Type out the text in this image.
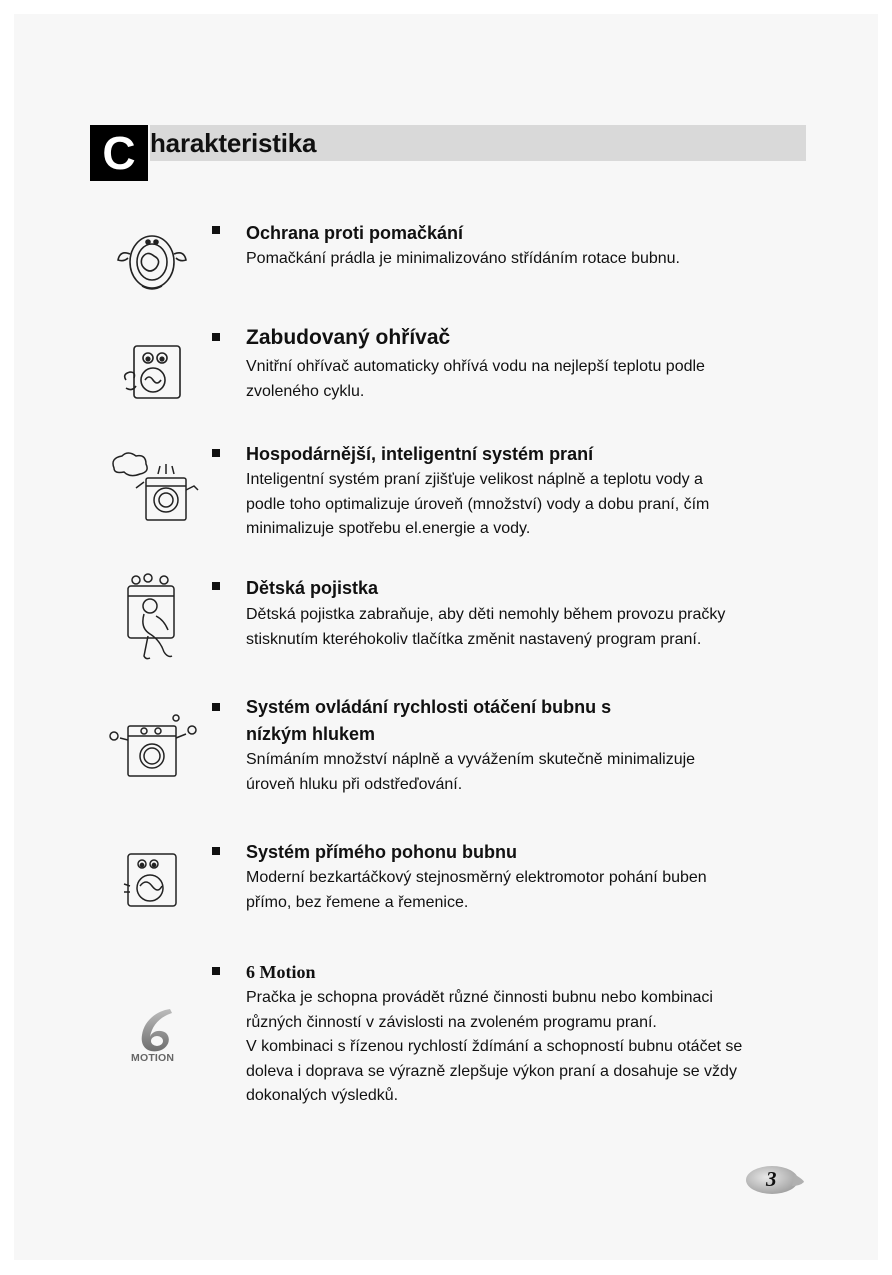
C harakteristika
Ochrana proti pomačkání
Pomačkání prádla je minimalizováno střídáním rotace bubnu.
Zabudovaný ohřívač
Vnitřní ohřívač automaticky ohřívá vodu na nejlepší teplotu podle
zvoleného cyklu.
Hospodárnější, inteligentní systém praní
Inteligentní systém praní zjišťuje velikost náplně a teplotu vody a
podle toho optimalizuje úroveň (množství) vody a dobu praní, čím
minimalizuje spotřebu el.energie a vody.
Dětská pojistka
Dětská pojistka zabraňuje, aby děti nemohly během provozu pračky
stisknutím kteréhokoliv tlačítka změnit nastavený program praní.
Systém ovládání rychlosti otáčení bubnu s
nízkým hlukem
Snímáním množství náplně a vyvážením skutečně minimalizuje
úroveň hluku při odstřeďování.
Systém přímého pohonu bubnu
Moderní bezkartáčkový stejnosměrný elektromotor pohání buben
přímo, bez řemene a řemenice.
MOTION
6 Motion
Pračka je schopna provádět různé činnosti bubnu nebo kombinaci
různých činností v závislosti na zvoleném programu praní.
V kombinaci s řízenou rychlostí ždímání a schopností bubnu otáčet se
doleva i doprava se výrazně zlepšuje výkon praní a dosahuje se vždy
dokonalých výsledků.
3
